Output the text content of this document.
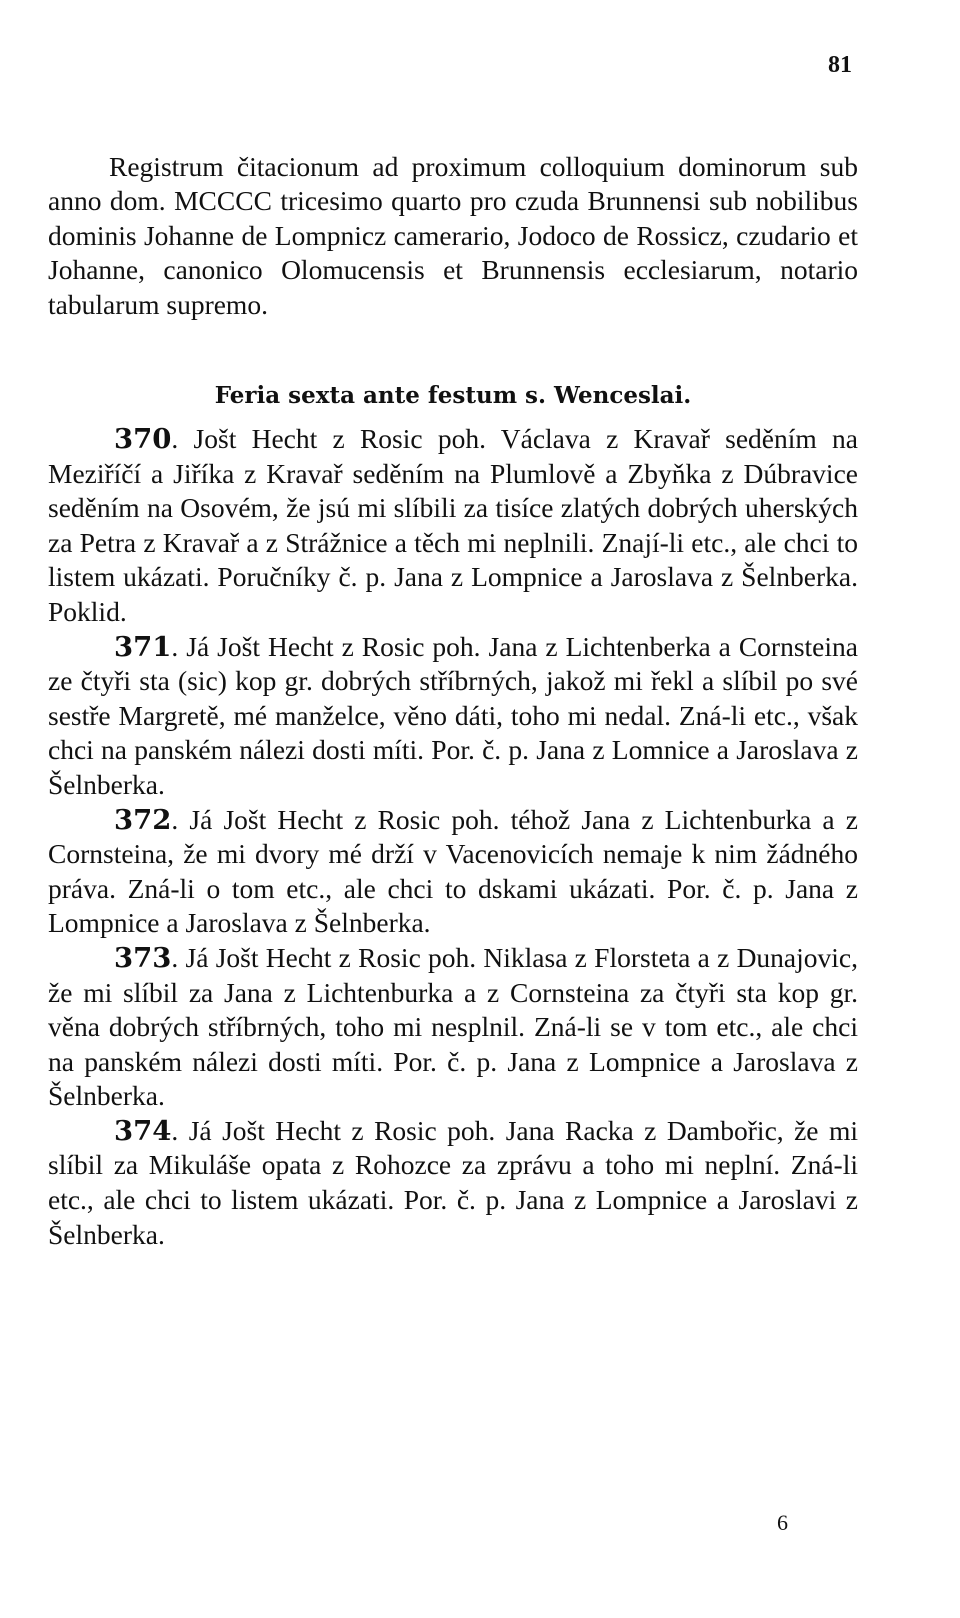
81

Registrum čitacionum ad proximum colloquium dominorum sub anno dom. MCCCC tricesimo quarto pro czuda Brunnensi sub nobilibus dominis Johanne de Lompnicz camerario, Jodoco de Rossicz, czudario et Johanne, canonico Olomucensis et Brunnensis ecclesiarum, notario tabularum supremo.

Feria sexta ante festum s. Wenceslai.

370. Jošt Hecht z Rosic poh. Václava z Kravař seděním na Meziříčí a Jiříka z Kravař seděním na Plumlově a Zbyňka z Dúbravice seděním na Osovém, že jsú mi slíbili za tisíce zlatých dobrých uherských za Petra z Kravař a z Strážnice a těch mi neplnili. Znají-li etc., ale chci to listem ukázati. Poručníky č. p. Jana z Lompnice a Jaroslava z Šelnberka. Poklid.

371. Já Jošt Hecht z Rosic poh. Jana z Lichtenberka a Cornsteina ze čtyři sta (sic) kop gr. dobrých stříbrných, jakož mi řekl a slíbil po své sestře Margretě, mé manželce, věno dáti, toho mi nedal. Zná-li etc., však chci na panském nálezi dosti míti. Por. č. p. Jana z Lomnice a Jaroslava z Šelnberka.

372. Já Jošt Hecht z Rosic poh. téhož Jana z Lichtenburka a z Cornsteina, že mi dvory mé drží v Vacenovicích nemaje k nim žádného práva. Zná-li o tom etc., ale chci to dskami ukázati. Por. č. p. Jana z Lompnice a Jaroslava z Šelnberka.

373. Já Jošt Hecht z Rosic poh. Niklasa z Florsteta a z Dunajovic, že mi slíbil za Jana z Lichtenburka a z Cornsteina za čtyři sta kop gr. věna dobrých stříbrných, toho mi nesplnil. Zná-li se v tom etc., ale chci na panském nálezi dosti míti. Por. č. p. Jana z Lompnice a Jaroslava z Šelnberka.

374. Já Jošt Hecht z Rosic poh. Jana Racka z Dambořic, že mi slíbil za Mikuláše opata z Rohozce za zprávu a toho mi neplní. Zná-li etc., ale chci to listem ukázati. Por. č. p. Jana z Lompnice a Jaroslavi z Šelnberka.

6
